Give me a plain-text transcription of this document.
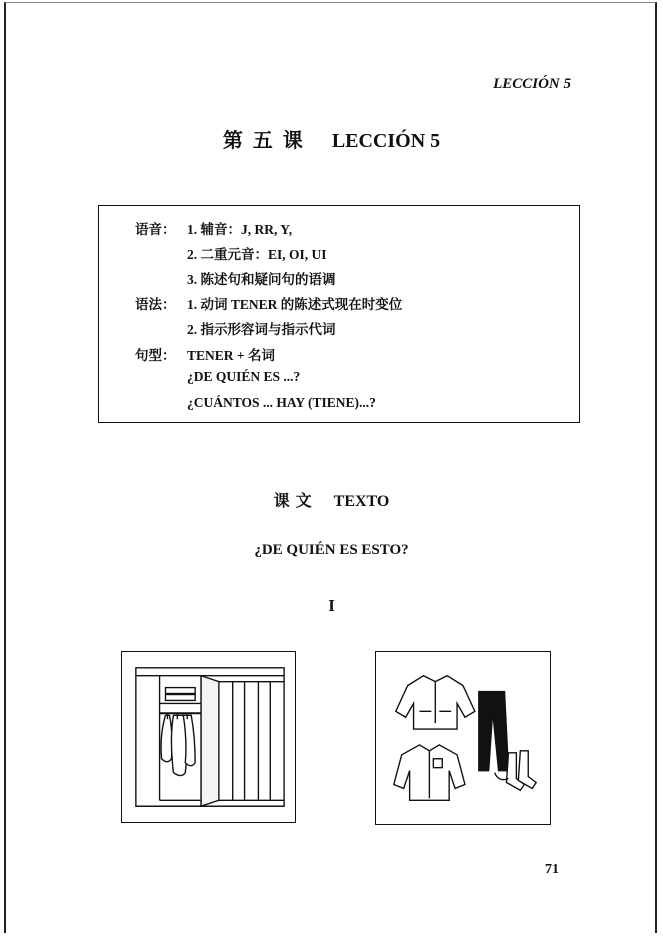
LECCIÓN 5
第五课 LECCIÓN 5
语音： 1. 辅音：J, RR, Y,
2. 二重元音：EI, OI, UI
3. 陈述句和疑问句的语调
语法： 1. 动词 TENER 的陈述式现在时变位
2. 指示形容词与指示代词
句型： TENER + 名词
¿DE QUIÉN ES ...?
¿CUÁNTOS ... HAY (TIENE)...?
课文 TEXTO
¿DE QUIÉN ES ESTO?
I
71
